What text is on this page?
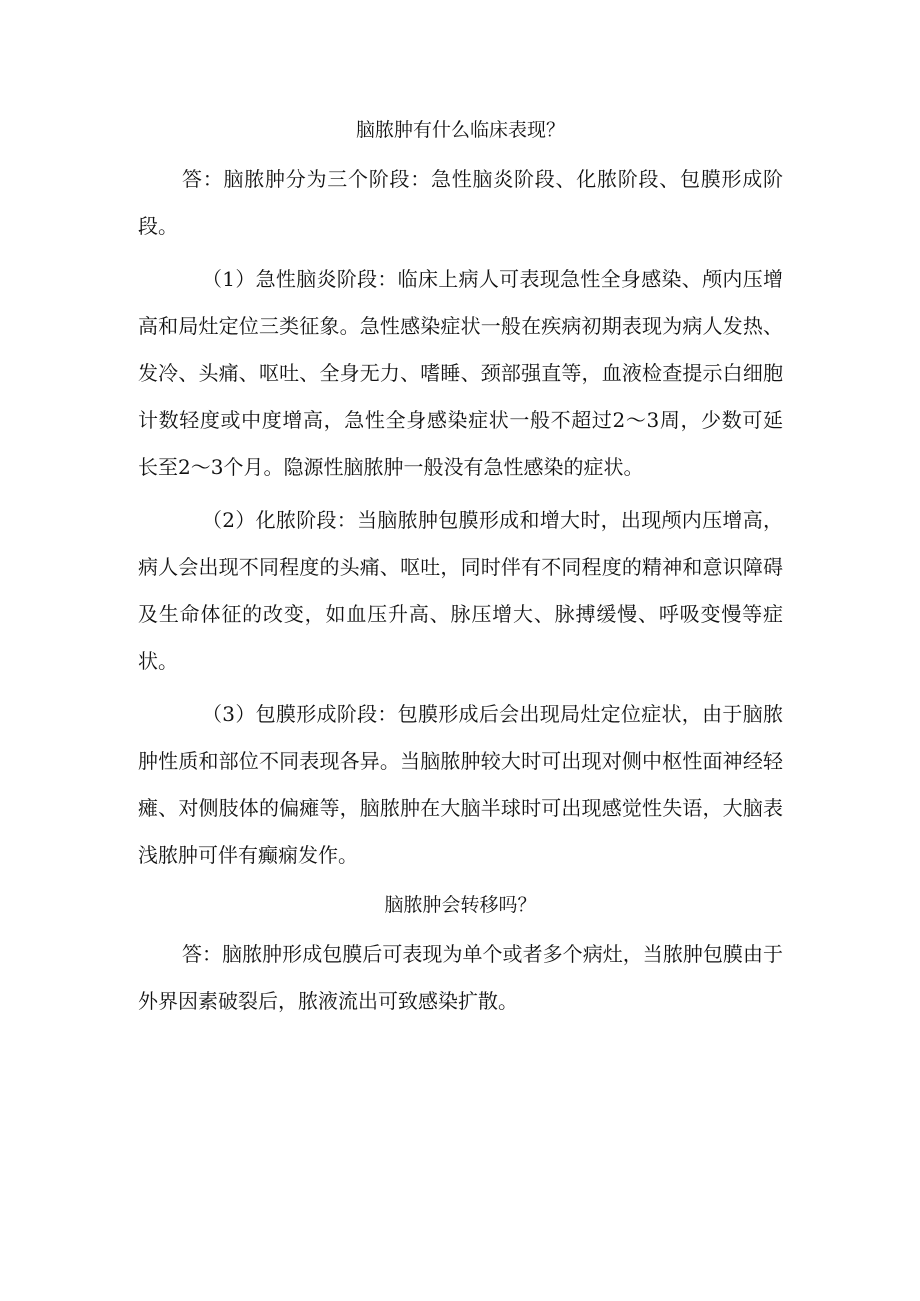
脑脓肿有什么临床表现？

答：脑脓肿分为三个阶段：急性脑炎阶段、化脓阶段、包膜形成阶段。

（1）急性脑炎阶段：临床上病人可表现急性全身感染、颅内压增高和局灶定位三类征象。急性感染症状一般在疾病初期表现为病人发热、发冷、头痛、呕吐、全身无力、嗜睡、颈部强直等，血液检查提示白细胞计数轻度或中度增高，急性全身感染症状一般不超过2～3周，少数可延长至2～3个月。隐源性脑脓肿一般没有急性感染的症状。

（2）化脓阶段：当脑脓肿包膜形成和增大时，出现颅内压增高，病人会出现不同程度的头痛、呕吐，同时伴有不同程度的精神和意识障碍及生命体征的改变，如血压升高、脉压增大、脉搏缓慢、呼吸变慢等症状。

（3）包膜形成阶段：包膜形成后会出现局灶定位症状，由于脑脓肿性质和部位不同表现各异。当脑脓肿较大时可出现对侧中枢性面神经轻瘫、对侧肢体的偏瘫等，脑脓肿在大脑半球时可出现感觉性失语，大脑表浅脓肿可伴有癫痫发作。

脑脓肿会转移吗？

答：脑脓肿形成包膜后可表现为单个或者多个病灶，当脓肿包膜由于外界因素破裂后，脓液流出可致感染扩散。
